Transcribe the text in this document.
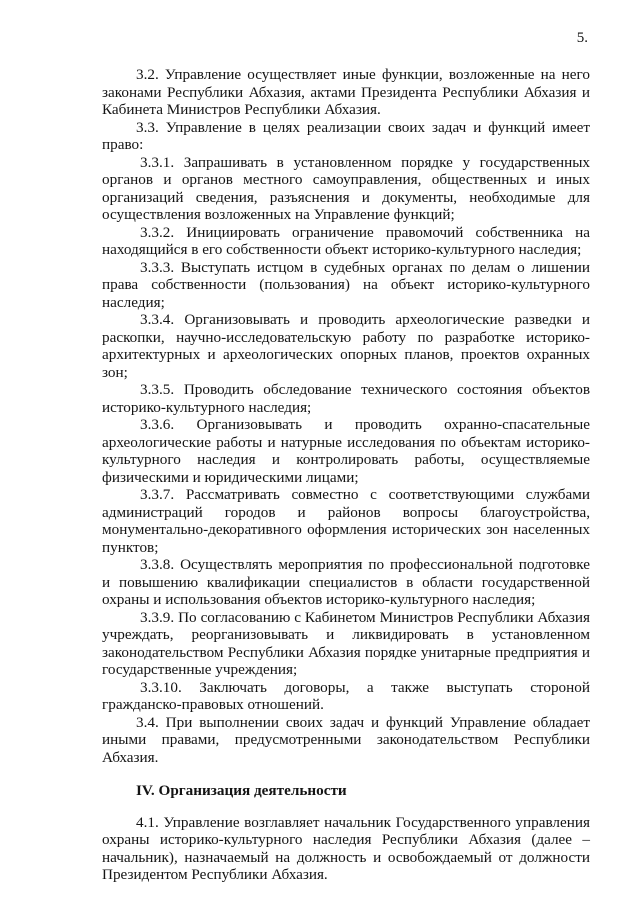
5.

3.2. Управление осуществляет иные функции, возложенные на него законами Республики Абхазия, актами Президента Республики Абхазия и Кабинета Министров Республики Абхазия.

3.3. Управление в целях реализации своих задач и функций имеет право:

3.3.1. Запрашивать в установленном порядке у государственных органов и органов местного самоуправления, общественных и иных организаций сведения, разъяснения и документы, необходимые для осуществления возложенных на Управление функций;

3.3.2. Инициировать ограничение правомочий собственника на находящийся в его собственности объект историко-культурного наследия;

3.3.3. Выступать истцом в судебных органах по делам о лишении права собственности (пользования) на объект историко-культурного наследия;

3.3.4. Организовывать и проводить археологические разведки и раскопки, научно-исследовательскую работу по разработке историко-архитектурных и археологических опорных планов, проектов охранных зон;

3.3.5. Проводить обследование технического состояния объектов историко-культурного наследия;

3.3.6. Организовывать и проводить охранно-спасательные археологические работы и натурные исследования по объектам историко-культурного наследия и контролировать работы, осуществляемые физическими и юридическими лицами;

3.3.7. Рассматривать совместно с соответствующими службами администраций городов и районов вопросы благоустройства, монументально-декоративного оформления исторических зон населенных пунктов;

3.3.8. Осуществлять мероприятия по профессиональной подготовке и повышению квалификации специалистов в области государственной охраны и использования объектов историко-культурного наследия;

3.3.9. По согласованию с Кабинетом Министров Республики Абхазия учреждать, реорганизовывать и ликвидировать в установленном законодательством Республики Абхазия порядке унитарные предприятия и государственные учреждения;

3.3.10. Заключать договоры, а также выступать стороной гражданско-правовых отношений.

3.4. При выполнении своих задач и функций Управление обладает иными правами, предусмотренными законодательством Республики Абхазия.

IV. Организация деятельности

4.1. Управление возглавляет начальник Государственного управления охраны историко-культурного наследия Республики Абхазия (далее – начальник), назначаемый на должность и освобождаемый от должности Президентом Республики Абхазия.
